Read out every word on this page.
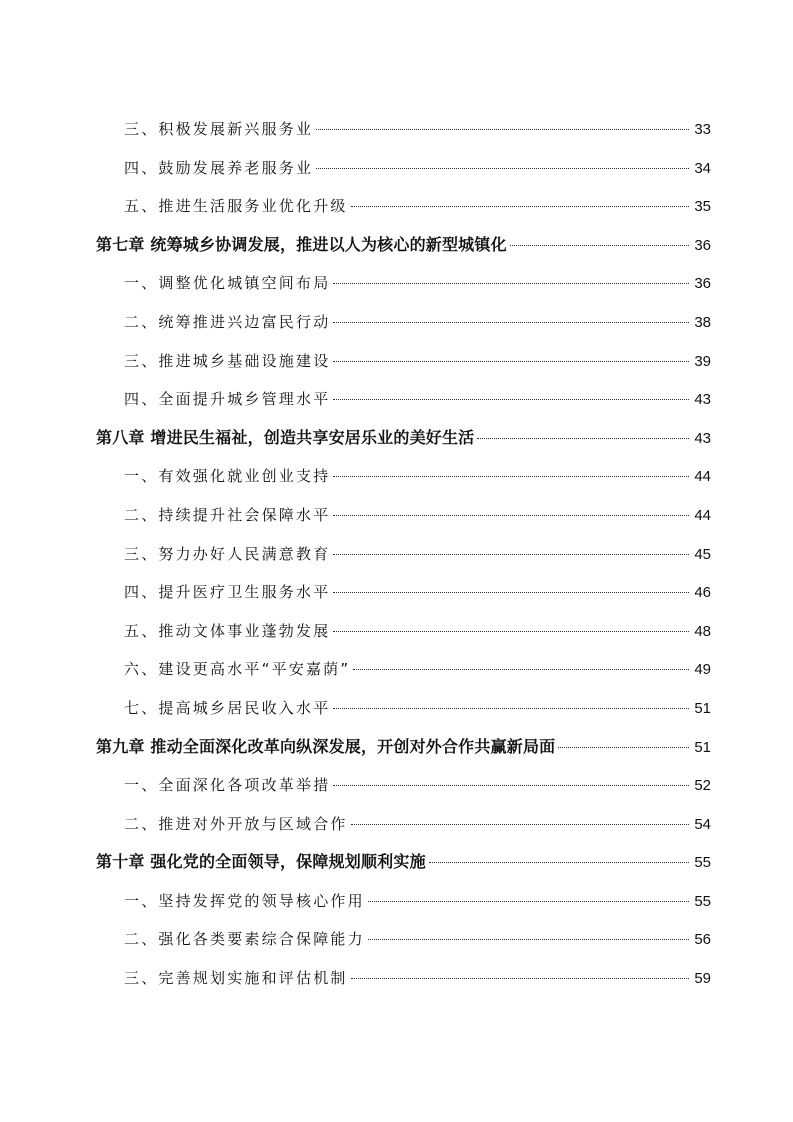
三、积极发展新兴服务业	33
四、鼓励发展养老服务业	34
五、推进生活服务业优化升级	35
第七章 统筹城乡协调发展，推进以人为核心的新型城镇化	36
一、调整优化城镇空间布局	36
二、统筹推进兴边富民行动	38
三、推进城乡基础设施建设	39
四、全面提升城乡管理水平	43
第八章 增进民生福祉，创造共享安居乐业的美好生活	43
一、有效强化就业创业支持	44
二、持续提升社会保障水平	44
三、努力办好人民满意教育	45
四、提升医疗卫生服务水平	46
五、推动文体事业蓬勃发展	48
六、建设更高水平“平安嘉荫”	49
七、提高城乡居民收入水平	51
第九章 推动全面深化改革向纵深发展，开创对外合作共赢新局面	51
一、全面深化各项改革举措	52
二、推进对外开放与区域合作	54
第十章 强化党的全面领导，保障规划顺利实施	55
一、坚持发挥党的领导核心作用	55
二、强化各类要素综合保障能力	56
三、完善规划实施和评估机制	59
